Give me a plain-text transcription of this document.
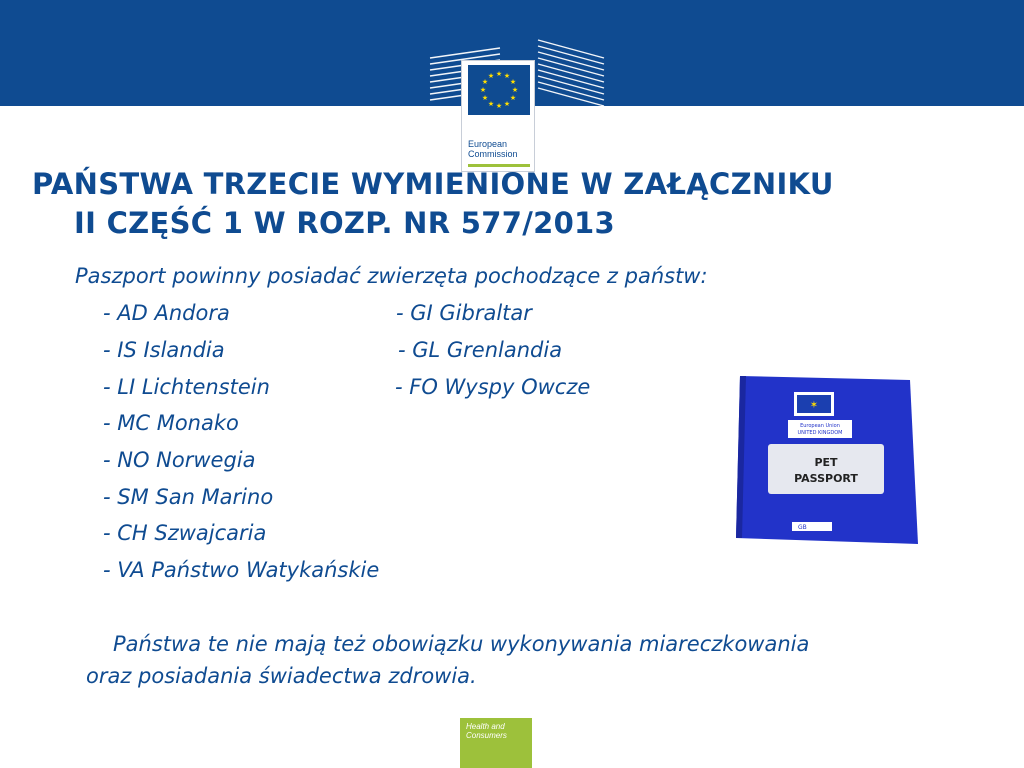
★ ★
★
★
★
★
★
★
★
★
★
★
European
Commission
PAŃSTWA TRZECIE WYMIENIONE W ZAŁĄCZNIKU
II CZĘŚĆ 1 W ROZP. NR 577/2013
Paszport powinny posiadać zwierzęta pochodzące z państw:
- AD Andora
- IS Islandia
- LI Lichtenstein
- MC Monako
- NO Norwegia
- SM San Marino
- CH Szwajcaria
- VA Państwo Watykańskie
- GI Gibraltar
- GL Grenlandia
- FO Wyspy Owcze
Państwa te nie mają też obowiązku wykonywania miareczkowania
oraz posiadania świadectwa zdrowia.
✶
European Union
UNITED KINGDOM
PET
PASSPORT
GB
Health and
Consumers
